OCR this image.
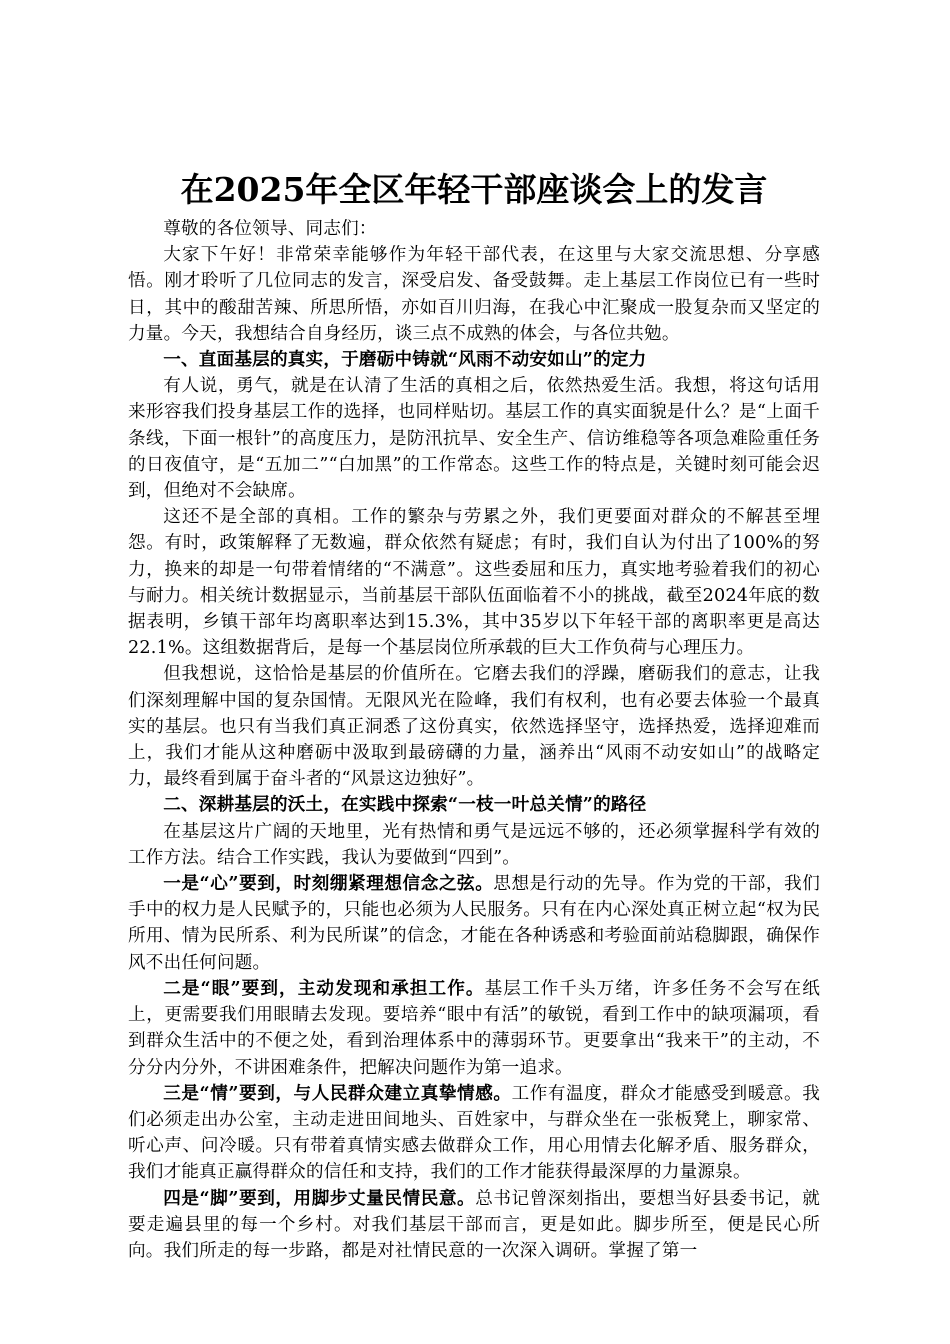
在2025年全区年轻干部座谈会上的发言

尊敬的各位领导、同志们：

大家下午好！非常荣幸能够作为年轻干部代表，在这里与大家交流思想、分享感悟。刚才聆听了几位同志的发言，深受启发、备受鼓舞。走上基层工作岗位已有一些时日，其中的酸甜苦辣、所思所悟，亦如百川归海，在我心中汇聚成一股复杂而又坚定的力量。今天，我想结合自身经历，谈三点不成熟的体会，与各位共勉。

一、直面基层的真实，于磨砺中铸就“风雨不动安如山”的定力

有人说，勇气，就是在认清了生活的真相之后，依然热爱生活。我想，将这句话用来形容我们投身基层工作的选择，也同样贴切。基层工作的真实面貌是什么？是“上面千条线，下面一根针”的高度压力，是防汛抗旱、安全生产、信访维稳等各项急难险重任务的日夜值守，是“五加二”“白加黑”的工作常态。这些工作的特点是，关键时刻可能会迟到，但绝对不会缺席。

这还不是全部的真相。工作的繁杂与劳累之外，我们更要面对群众的不解甚至埋怨。有时，政策解释了无数遍，群众依然有疑虑；有时，我们自认为付出了100%的努力，换来的却是一句带着情绪的“不满意”。这些委屈和压力，真实地考验着我们的初心与耐力。相关统计数据显示，当前基层干部队伍面临着不小的挑战，截至2024年底的数据表明，乡镇干部年均离职率达到15.3%，其中35岁以下年轻干部的离职率更是高达22.1%。这组数据背后，是每一个基层岗位所承载的巨大工作负荷与心理压力。

但我想说，这恰恰是基层的价值所在。它磨去我们的浮躁，磨砺我们的意志，让我们深刻理解中国的复杂国情。无限风光在险峰，我们有权利，也有必要去体验一个最真实的基层。也只有当我们真正洞悉了这份真实，依然选择坚守，选择热爱，选择迎难而上，我们才能从这种磨砺中汲取到最磅礴的力量，涵养出“风雨不动安如山”的战略定力，最终看到属于奋斗者的“风景这边独好”。

二、深耕基层的沃土，在实践中探索“一枝一叶总关情”的路径

在基层这片广阔的天地里，光有热情和勇气是远远不够的，还必须掌握科学有效的工作方法。结合工作实践，我认为要做到“四到”。

一是“心”要到，时刻绷紧理想信念之弦。思想是行动的先导。作为党的干部，我们手中的权力是人民赋予的，只能也必须为人民服务。只有在内心深处真正树立起“权为民所用、情为民所系、利为民所谋”的信念，才能在各种诱惑和考验面前站稳脚跟，确保作风不出任何问题。

二是“眼”要到，主动发现和承担工作。基层工作千头万绪，许多任务不会写在纸上，更需要我们用眼睛去发现。要培养“眼中有活”的敏锐，看到工作中的缺项漏项，看到群众生活中的不便之处，看到治理体系中的薄弱环节。更要拿出“我来干”的主动，不分分内分外，不讲困难条件，把解决问题作为第一追求。

三是“情”要到，与人民群众建立真挚情感。工作有温度，群众才能感受到暖意。我们必须走出办公室，主动走进田间地头、百姓家中，与群众坐在一张板凳上，聊家常、听心声、问冷暖。只有带着真情实感去做群众工作，用心用情去化解矛盾、服务群众，我们才能真正赢得群众的信任和支持，我们的工作才能获得最深厚的力量源泉。

四是“脚”要到，用脚步丈量民情民意。总书记曾深刻指出，要想当好县委书记，就要走遍县里的每一个乡村。对我们基层干部而言，更是如此。脚步所至，便是民心所向。我们所走的每一步路，都是对社情民意的一次深入调研。掌握了第一
